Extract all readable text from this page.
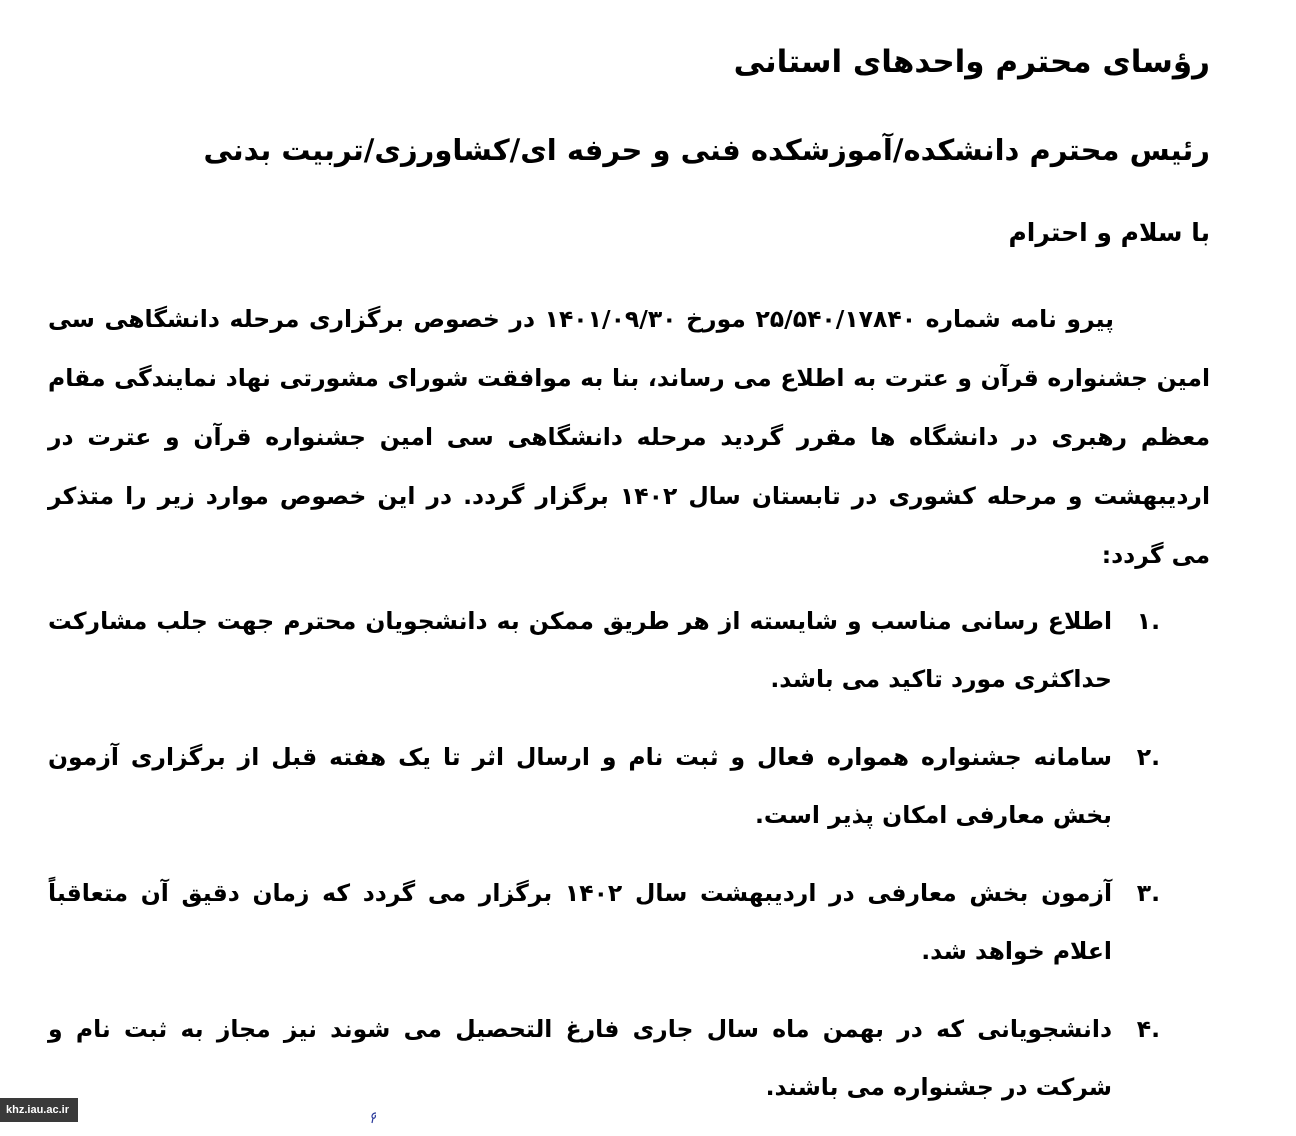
رؤسای محترم واحدهای استانی
رئیس محترم دانشکده/آموزشکده فنی و حرفه ای/کشاورزی/تربیت بدنی
با سلام و احترام

پیرو نامه شماره ۲۵/۵۴۰/۱۷۸۴۰ مورخ ۱۴۰۱/۰۹/۳۰ در خصوص برگزاری مرحله دانشگاهی سی امین جشنواره قرآن و عترت به اطلاع می رساند، بنا به موافقت شورای مشورتی نهاد نمایندگی مقام معظم رهبری در دانشگاه ها مقرر گردید مرحله دانشگاهی سی امین جشنواره قرآن و عترت در اردیبهشت و مرحله کشوری در تابستان سال ۱۴۰۲ برگزار گردد. در این خصوص موارد زیر را متذکر می گردد:

.۱
اطلاع رسانی مناسب و شایسته از هر طریق ممکن به دانشجویان محترم جهت جلب مشارکت حداکثری مورد تاکید می باشد.
.۲
سامانه جشنواره همواره فعال و ثبت نام و ارسال اثر تا یک هفته قبل از برگزاری آزمون بخش معارفی امکان پذیر است.
.۳
آزمون بخش معارفی در اردیبهشت سال ۱۴۰۲ برگزار می گردد که زمان دقیق آن متعاقباً اعلام خواهد شد.
.۴
دانشجویانی که در بهمن ماه سال جاری فارغ التحصیل می شوند نیز مجاز به ثبت نام و شرکت در جشنواره می باشند.
khz.iau.ac.ir
